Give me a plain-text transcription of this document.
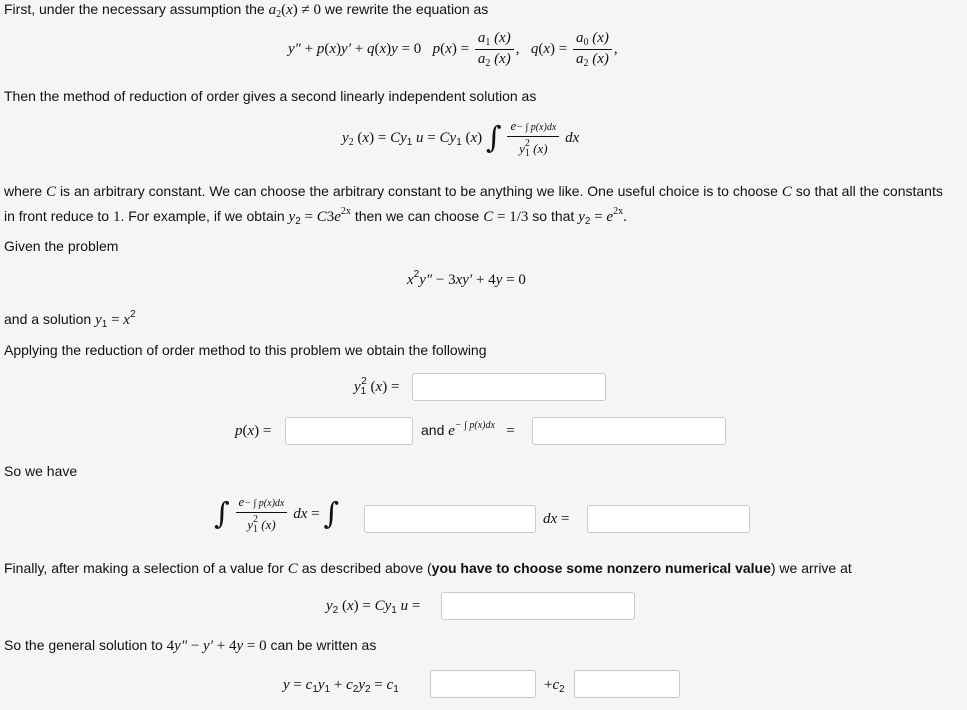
First, under the necessary assumption the $a_2(x) \ne 0$ we rewrite the equation as
y″ + p(x)y′ + q(x)y = 0   $p(x) = \frac{a_1 (x)}{a_2 (x)}$ ,   $q(x) = \frac{a_0 (x)}{a_2 (x)}$ ,
Then the method of reduction of order gives a second linearly independent solution as
$y_2$ $(x) = Cy_1$ $u = Cy_1$ (x) ∫ $\frac{e- \int p(x)dx}{y_1^2 (x)}$ dx
where C is an arbitrary constant. We can choose the arbitrary constant to be anything we like. One useful choice is to choose C so that all the constants
in front reduce to 1. For example, if we obtain $y_2 = C3e^{2x}$ then we can choose C = 1/3 so that $y_2 = e^{2x}$.
Given the problem
$x^2y'' - 3xy' + 4y = 0$
and a solution $y_1 = x^2$
Applying the reduction of order method to this problem we obtain the following
$y_1^2$ (x) =
p(x) =	and $e^{- \int p(x)dx}$   =
So we have
∫ $\frac{e- \int p(x)dx}{y_1^2 (x)}$ dx = ∫	dx =
Finally, after making a selection of a value for C as described above (you have to choose some nonzero numerical value) we arrive at
$y_2$ $(x) = Cy_1$ u =
So the general solution to 4y″ − y′ + 4y = 0 can be written as
$y = c_1y_1 + c_2y_2 = c_1$	$+c_2$
